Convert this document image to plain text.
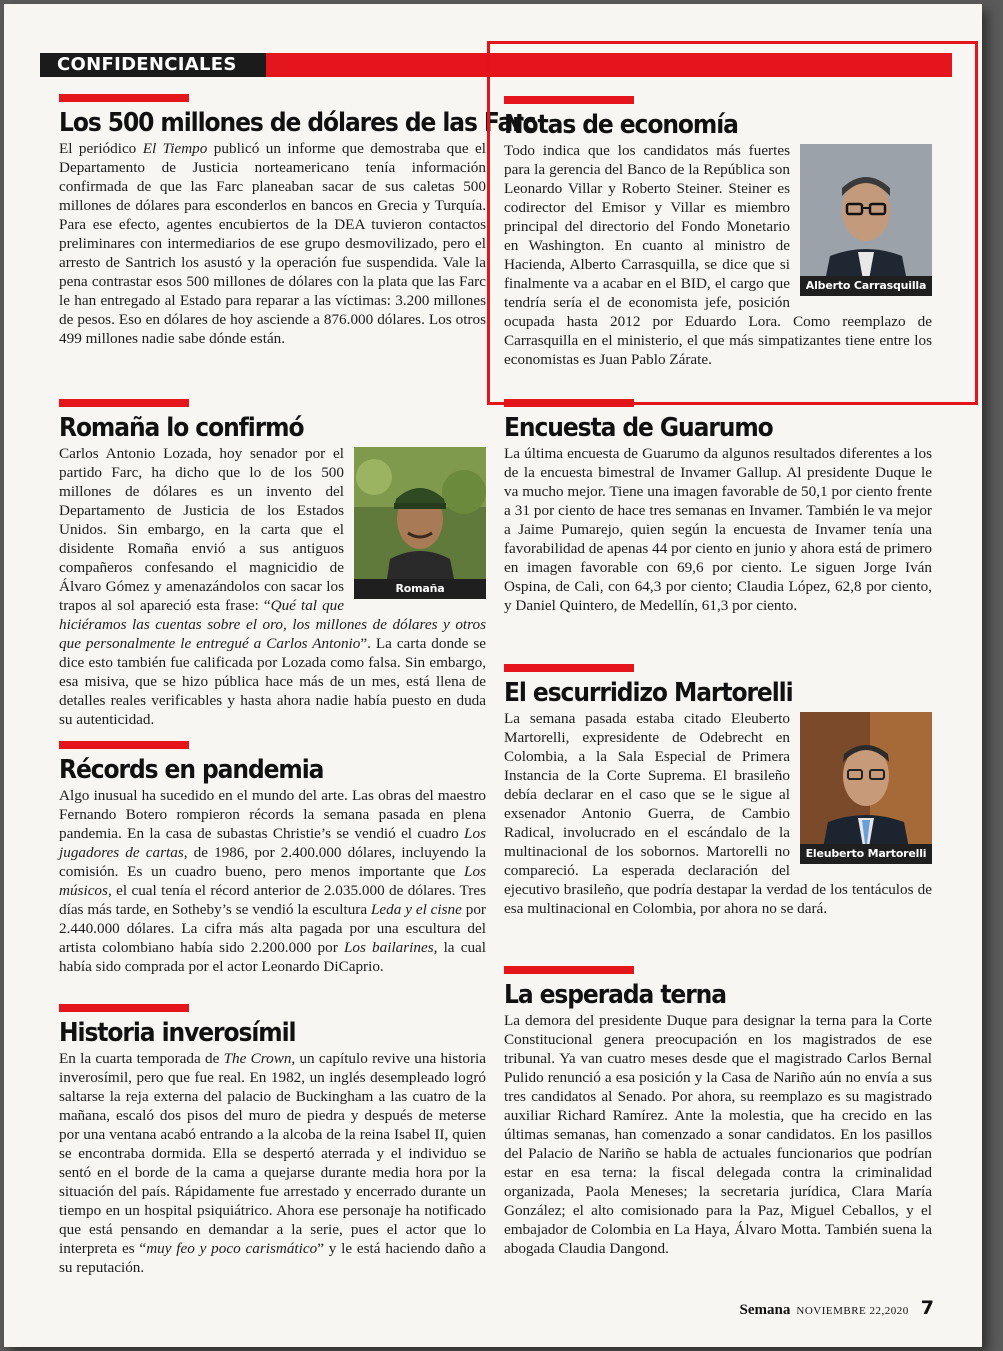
CONFIDENCIALES
Los 500 millones de dólares de las Farc

El periódico El Tiempo publicó un informe que demostraba que el Departamento de Justicia norteamericano tenía información confirmada de que las Farc planeaban sacar de sus caletas 500 millones de dólares para esconderlos en bancos en Grecia y Turquía. Para ese efecto, agentes encubiertos de la DEA tuvieron contactos preliminares con intermediarios de ese grupo desmovilizado, pero el arresto de Santrich los asustó y la operación fue suspendida. Vale la pena contrastar esos 500 millones de dólares con la plata que las Farc le han entregado al Estado para reparar a las víctimas: 3.200 millones de pesos. Eso en dólares de hoy asciende a 876.000 dólares. Los otros 499 millones nadie sabe dónde están.

Romaña lo confirmó

Romaña
Carlos Antonio Lozada, hoy senador por el partido Farc, ha dicho que lo de los 500 millones de dólares es un invento del Departamento de Justicia de los Estados Unidos. Sin embargo, en la carta que el disidente Romaña envió a sus antiguos compañeros confesando el magnicidio de Álvaro Gómez y amenazándolos con sacar los trapos al sol apareció esta frase: “Qué tal que hiciéramos las cuentas sobre el oro, los millones de dólares y otros que personalmente le entregué a Carlos Antonio”. La carta donde se dice esto también fue calificada por Lozada como falsa. Sin embargo, esa misiva, que se hizo pública hace más de un mes, está llena de detalles reales verificables y hasta ahora nadie había puesto en duda su autenticidad.

Récords en pandemia

Algo inusual ha sucedido en el mundo del arte. Las obras del maestro Fernando Botero rompieron récords la semana pasada en plena pandemia. En la casa de subastas Christie’s se vendió el cuadro Los jugadores de cartas, de 1986, por 2.400.000 dólares, incluyendo la comisión. Es un cuadro bueno, pero menos importante que Los músicos, el cual tenía el récord anterior de 2.035.000 de dólares. Tres días más tarde, en Sotheby’s se vendió la escultura Leda y el cisne por 2.440.000 dólares. La cifra más alta pagada por una escultura del artista colombiano había sido 2.200.000 por Los bailarines, la cual había sido comprada por el actor Leonardo DiCaprio.

Historia inverosímil

En la cuarta temporada de The Crown, un capítulo revive una historia inverosímil, pero que fue real. En 1982, un inglés desempleado logró saltarse la reja externa del palacio de Buckingham a las cuatro de la mañana, escaló dos pisos del muro de piedra y después de meterse por una ventana acabó entrando a la alcoba de la reina Isabel II, quien se encontraba dormida. Ella se despertó aterrada y el individuo se sentó en el borde de la cama a quejarse durante media hora por la situación del país. Rápidamente fue arrestado y encerrado durante un tiempo en un hospital psiquiátrico. Ahora ese personaje ha notificado que está pensando en demandar a la serie, pues el actor que lo interpreta es “muy feo y poco carismático” y le está haciendo daño a su reputación.

Notas de economía

Alberto Carrasquilla
Todo indica que los candidatos más fuertes para la gerencia del Banco de la República son Leonardo Villar y Roberto Steiner. Steiner es codirector del Emisor y Villar es miembro principal del directorio del Fondo Monetario en Washington. En cuanto al ministro de Hacienda, Alberto Carrasquilla, se dice que si finalmente va a acabar en el BID, el cargo que tendría sería el de economista jefe, posición ocupada hasta 2012 por Eduardo Lora. Como reemplazo de Carrasquilla en el ministerio, el que más simpatizantes tiene entre los economistas es Juan Pablo Zárate.

Encuesta de Guarumo

La última encuesta de Guarumo da algunos resultados diferentes a los de la encuesta bimestral de Invamer Gallup. Al presidente Duque le va mucho mejor. Tiene una imagen favorable de 50,1 por ciento frente a 31 por ciento de hace tres semanas en Invamer. También le va mejor a Jaime Pumarejo, quien según la encuesta de Invamer tenía una favorabilidad de apenas 44 por ciento en junio y ahora está de primero en imagen favorable con 69,6 por ciento. Le siguen Jorge Iván Ospina, de Cali, con 64,3 por ciento; Claudia López, 62,8 por ciento, y Daniel Quintero, de Medellín, 61,3 por ciento.

El escurridizo Martorelli

Eleuberto Martorelli
La semana pasada estaba citado Eleuberto Martorelli, expresidente de Odebrecht en Colombia, a la Sala Especial de Primera Instancia de la Corte Suprema. El brasileño debía declarar en el caso que se le sigue al exsenador Antonio Guerra, de Cambio Radical, involucrado en el escándalo de la multinacional de los sobornos. Martorelli no compareció. La esperada declaración del ejecutivo brasileño, que podría destapar la verdad de los tentáculos de esa multinacional en Colombia, por ahora no se dará.

La esperada terna

La demora del presidente Duque para designar la terna para la Corte Constitucional genera preocupación en los magistrados de ese tribunal. Ya van cuatro meses desde que el magistrado Carlos Bernal Pulido renunció a esa posición y la Casa de Nariño aún no envía a sus tres candidatos al Senado. Por ahora, su reemplazo es su magistrado auxiliar Richard Ramírez. Ante la molestia, que ha crecido en las últimas semanas, han comenzado a sonar candidatos. En los pasillos del Palacio de Nariño se habla de actuales funcionarios que podrían estar en esa terna: la fiscal delegada contra la criminalidad organizada, Paola Meneses; la secretaria jurídica, Clara María González; el alto comisionado para la Paz, Miguel Ceballos, y el embajador de Colombia en La Haya, Álvaro Motta. También suena la abogada Claudia Dangond.

Semana NOVIEMBRE 22,2020 7
